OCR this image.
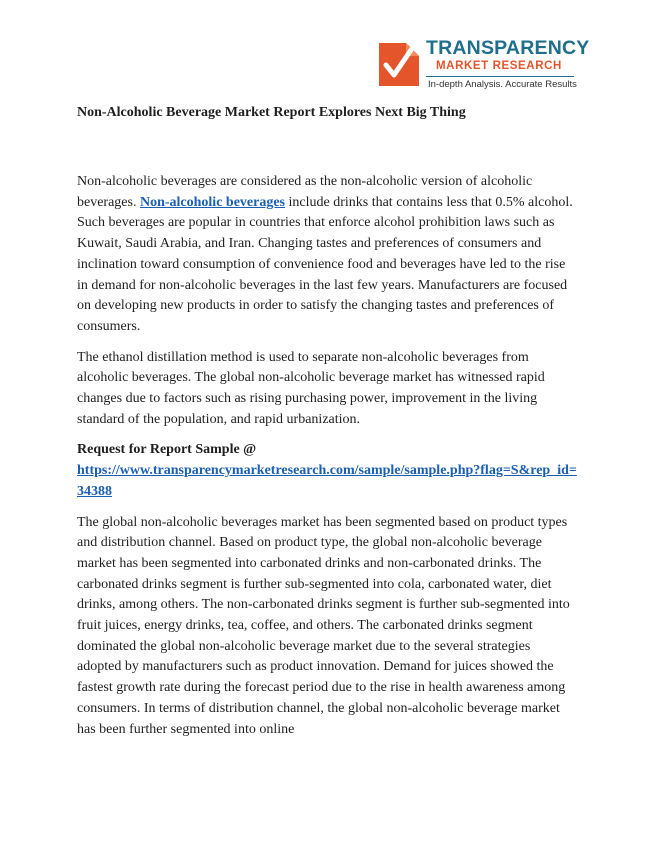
TRANSPARENCY
MARKET RESEARCH
In-depth Analysis. Accurate Results
Non-Alcoholic Beverage Market Report Explores Next Big Thing

Non-alcoholic beverages are considered as the non-alcoholic version of alcoholic beverages. Non-alcoholic beverages include drinks that contains less that 0.5% alcohol. Such beverages are popular in countries that enforce alcohol prohibition laws such as Kuwait, Saudi Arabia, and Iran. Changing tastes and preferences of consumers and inclination toward consumption of convenience food and beverages have led to the rise in demand for non-alcoholic beverages in the last few years. Manufacturers are focused on developing new products in order to satisfy the changing tastes and preferences of consumers.

The ethanol distillation method is used to separate non-alcoholic beverages from alcoholic beverages. The global non-alcoholic beverage market has witnessed rapid changes due to factors such as rising purchasing power, improvement in the living standard of the population, and rapid urbanization.

Request for Report Sample @
https://www.transparencymarketresearch.com/sample/sample.php?flag=S&rep_id=34388

The global non-alcoholic beverages market has been segmented based on product types and distribution channel. Based on product type, the global non-alcoholic beverage market has been segmented into carbonated drinks and non-carbonated drinks. The carbonated drinks segment is further sub-segmented into cola, carbonated water, diet drinks, among others. The non-carbonated drinks segment is further sub-segmented into fruit juices, energy drinks, tea, coffee, and others. The carbonated drinks segment dominated the global non-alcoholic beverage market due to the several strategies adopted by manufacturers such as product innovation. Demand for juices showed the fastest growth rate during the forecast period due to the rise in health awareness among consumers. In terms of distribution channel, the global non-alcoholic beverage market has been further segmented into online
